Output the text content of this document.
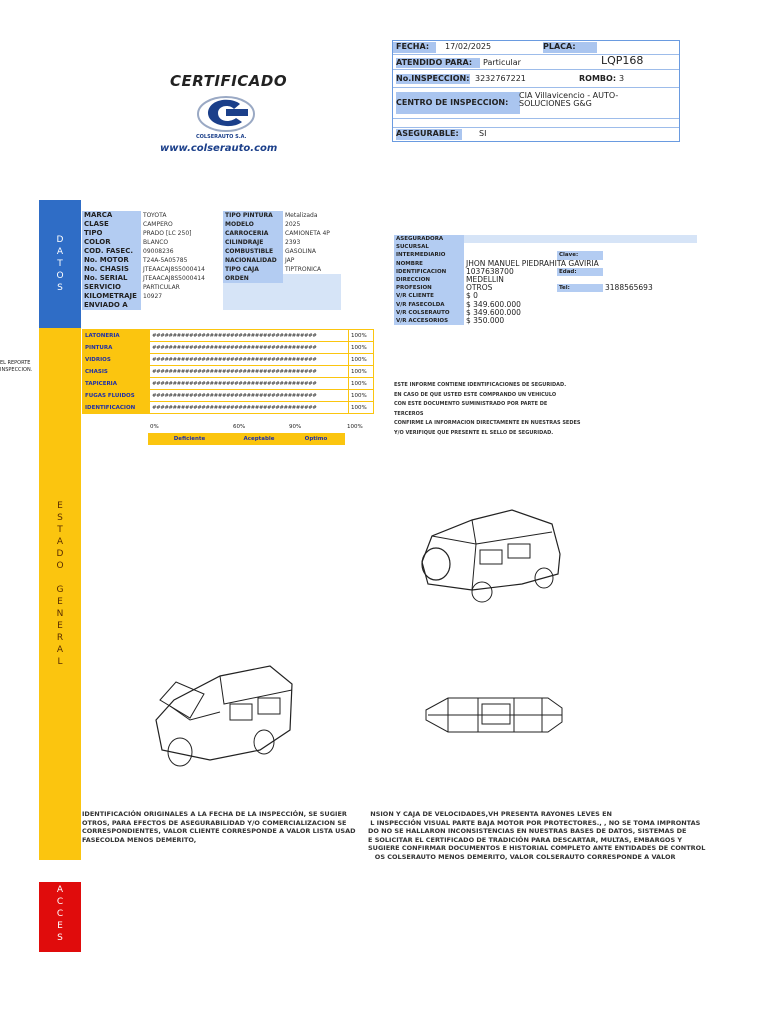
CERTIFICADO
COLSERAUTO S.A.
www.colserauto.com
FECHA:	17/02/2025	PLACA:
LQP168
ATENDIDO PARA:	Particular
No.INSPECCION: 3232767221	ROMBO: 3
CENTRO DE INSPECCION:
CIA Villavicencio - AUTO-
SOLUCIONES G&G
ASEGURABLE:	SI
D
A
T
O
S
E
S
T
A
D
O

G
E
N
E
R
A
L
A
C
C
E
S
MARCA	TOYOTA	TIPO PINTURA	Metalizada
CLASE	CAMPERO	MODELO	2025
TIPO	PRADO [LC 250]	CARROCERIA	CAMIONETA 4P
COLOR	BLANCO	CILINDRAJE	2393
COD. FASEC.	09008236	COMBUSTIBLE	GASOLINA
No. MOTOR	T24A-5A05785	NACIONALIDAD	JAP
No. CHASIS	JTEAACAJ8S5000414	TIPO CAJA	TIPTRONICA
No. SERIAL	JTEAACAJ8S5000414	ORDEN	
SERVICIO	PARTICULAR		
KILOMETRAJE	10927		
ENVIADO A			
ASEGURADORA				
SUCURSAL				
INTERMEDIARIO			Clave:	
NOMBRE	JHON MANUEL PIEDRAHITA GAVIRIA			
IDENTIFICACION	1037638700		Edad:	
DIRECCION	MEDELLIN			
PROFESION	OTROS		Tel:	3188565693
V/R CLIENTE	$ 0			
V/R FASECOLDA	$ 349.600.000			
V/R COLSERAUTO	$ 349.600.000			
V/R ACCESORIOS	$ 350.000			
LATONERIA	########################################	100%
PINTURA	########################################	100%
VIDRIOS	########################################	100%
CHASIS	########################################	100%
TAPICERIA	########################################	100%
FUGAS FLUIDOS	########################################	100%
IDENTIFICACION	########################################	100%
0%	60%	90%	100%
Deficiente	Aceptable	Optimo	
EL REPORTE
INSPECCION.
ESTE INFORME CONTIENE IDENTIFICACIONES DE SEGURIDAD.
EN CASO DE QUE USTED ESTE COMPRANDO UN VEHICULO
CON ESTE DOCUMENTO SUMINISTRADO POR PARTE DE
TERCEROS
CONFIRME LA INFORMACION DIRECTAMENTE EN NUESTRAS SEDES
Y/O VERIFIQUE QUE PRESENTE EL SELLO DE SEGURIDAD.
IDENTIFICACIÓN ORIGINALES A LA FECHA DE LA INSPECCIÓN, SE SUGIER
OTROS, PARA EFECTOS DE ASEGURABILIDAD Y/O COMERCIALIZACION SE
CORRESPONDIENTES, VALOR CLIENTE CORRESPONDE A VALOR LISTA USAD
FASECOLDA MENOS DEMERITO,
NSION Y CAJA DE VELOCIDADES,VH PRESENTA RAYONES LEVES EN
L INSPECCIÓN VISUAL PARTE BAJA MOTOR POR PROTECTORES., , NO SE TOMA IMPRONTAS
DO NO SE HALLARON INCONSISTENCIAS EN NUESTRAS BASES DE DATOS, SISTEMAS DE
E SOLICITAR EL CERTIFICADO DE TRADICIÓN PARA DESCARTAR, MULTAS, EMBARGOS Y
SUGIERE CONFIRMAR DOCUMENTOS E HISTORIAL COMPLETO ANTE ENTIDADES DE CONTROL
OS COLSERAUTO MENOS DEMERITO, VALOR COLSERAUTO CORRESPONDE A VALOR
